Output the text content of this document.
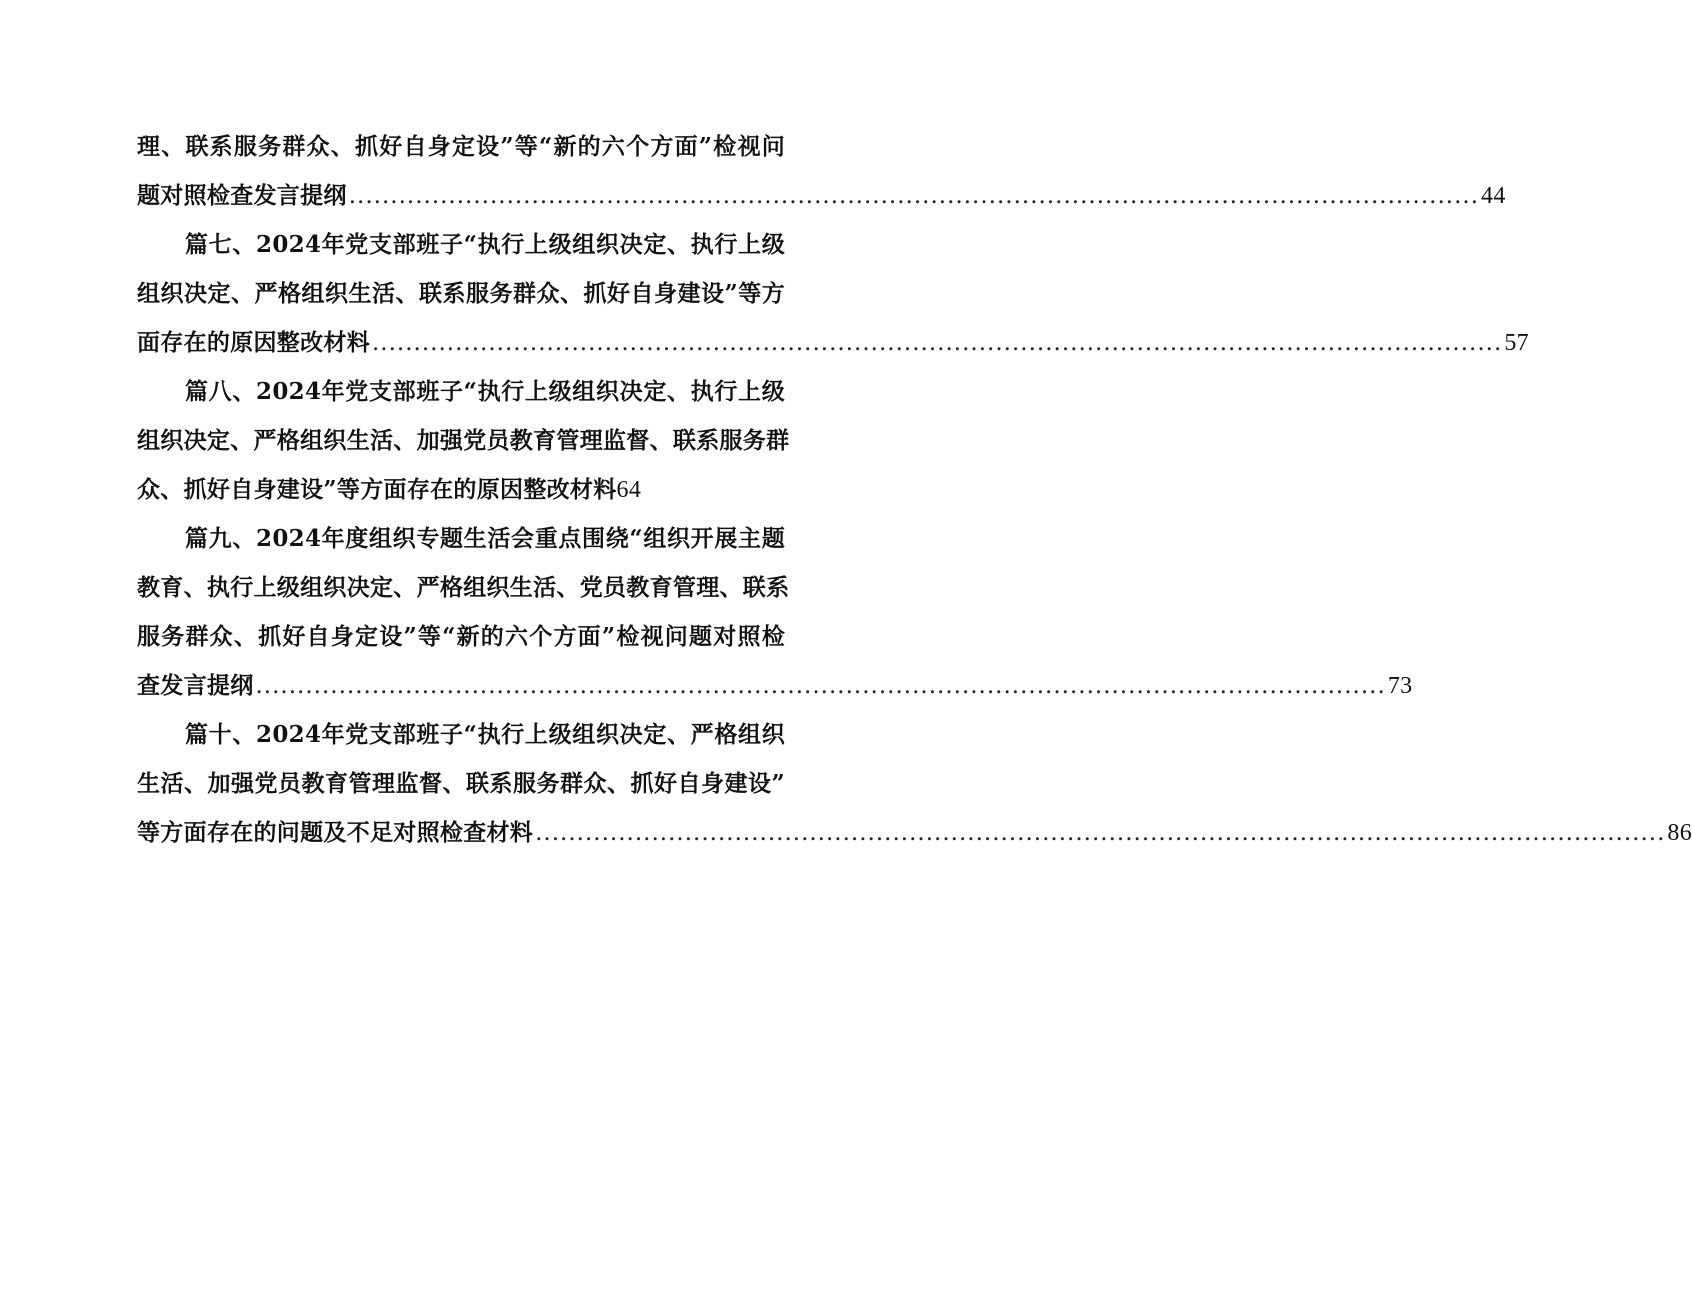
理、联系服务群众、抓好自身定设”等“新的六个方面”检视问
题对照检查发言提纲 ........................................................................................................................................ 44
篇七、2024年党支部班子“执行上级组织决定、执行上级
组织决定、严格组织生活、联系服务群众、抓好自身建设”等方
面存在的原因整改材料 ........................................................................................................................................ 57
篇八、2024年党支部班子“执行上级组织决定、执行上级
组织决定、严格组织生活、加强党员教育管理监督、联系服务群
众、抓好自身建设”等方面存在的原因整改材料 64
篇九、2024年度组织专题生活会重点围绕“组织开展主题
教育、执行上级组织决定、严格组织生活、党员教育管理、联系
服务群众、抓好自身定设”等“新的六个方面”检视问题对照检
查发言提纲 ........................................................................................................................................ 73
篇十、2024年党支部班子“执行上级组织决定、严格组织
生活、加强党员教育管理监督、联系服务群众、抓好自身建设”
等方面存在的问题及不足对照检查材料 ........................................................................................................................................ 86
